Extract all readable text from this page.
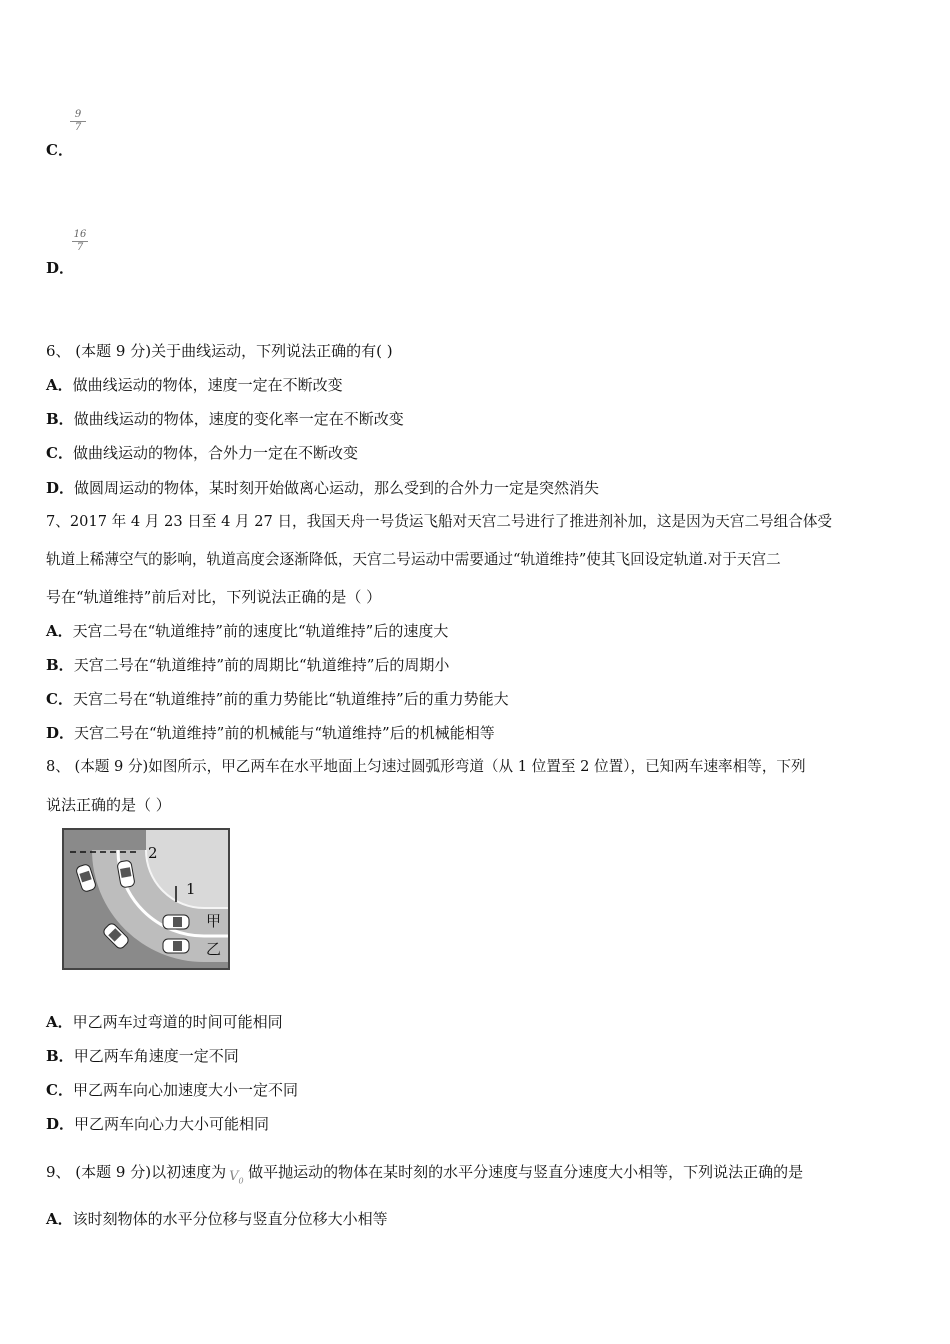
$\frac{9}{7}$
C．
$\frac{16}{7}$
D．
6、 (本题 9 分)关于曲线运动，下列说法正确的有( )
A．做曲线运动的物体，速度一定在不断改变
B．做曲线运动的物体，速度的变化率一定在不断改变
C．做曲线运动的物体，合外力一定在不断改变
D．做圆周运动的物体，某时刻开始做离心运动，那么受到的合外力一定是突然消失
7、2017 年 4 月 23 日至 4 月 27 日，我国天舟一号货运飞船对天宫二号进行了推进剂补加，这是因为天宫二号组合体受
轨道上稀薄空气的影响，轨道高度会逐渐降低，天宫二号运动中需要通过“轨道维持”使其飞回设定轨道.对于天宫二
号在“轨道维持”前后对比，下列说法正确的是（ ）
A．天宫二号在“轨道维持”前的速度比“轨道维持”后的速度大
B．天宫二号在“轨道维持”前的周期比“轨道维持”后的周期小
C．天宫二号在“轨道维持”前的重力势能比“轨道维持”后的重力势能大
D．天宫二号在“轨道维持”前的机械能与“轨道维持”后的机械能相等
8、 (本题 9 分)如图所示，甲乙两车在水平地面上匀速过圆弧形弯道（从 1 位置至 2 位置），已知两车速率相等，下列
说法正确的是（ ）
2
1
甲
乙
A．甲乙两车过弯道的时间可能相同
B．甲乙两车角速度一定不同
C．甲乙两车向心加速度大小一定不同
D．甲乙两车向心力大小可能相同
9、 (本题 9 分)以初速度为 $V_0$
做平抛运动的物体在某时刻的水平分速度与竖直分速度大小相等，下列说法正确的是
A．该时刻物体的水平分位移与竖直分位移大小相等
